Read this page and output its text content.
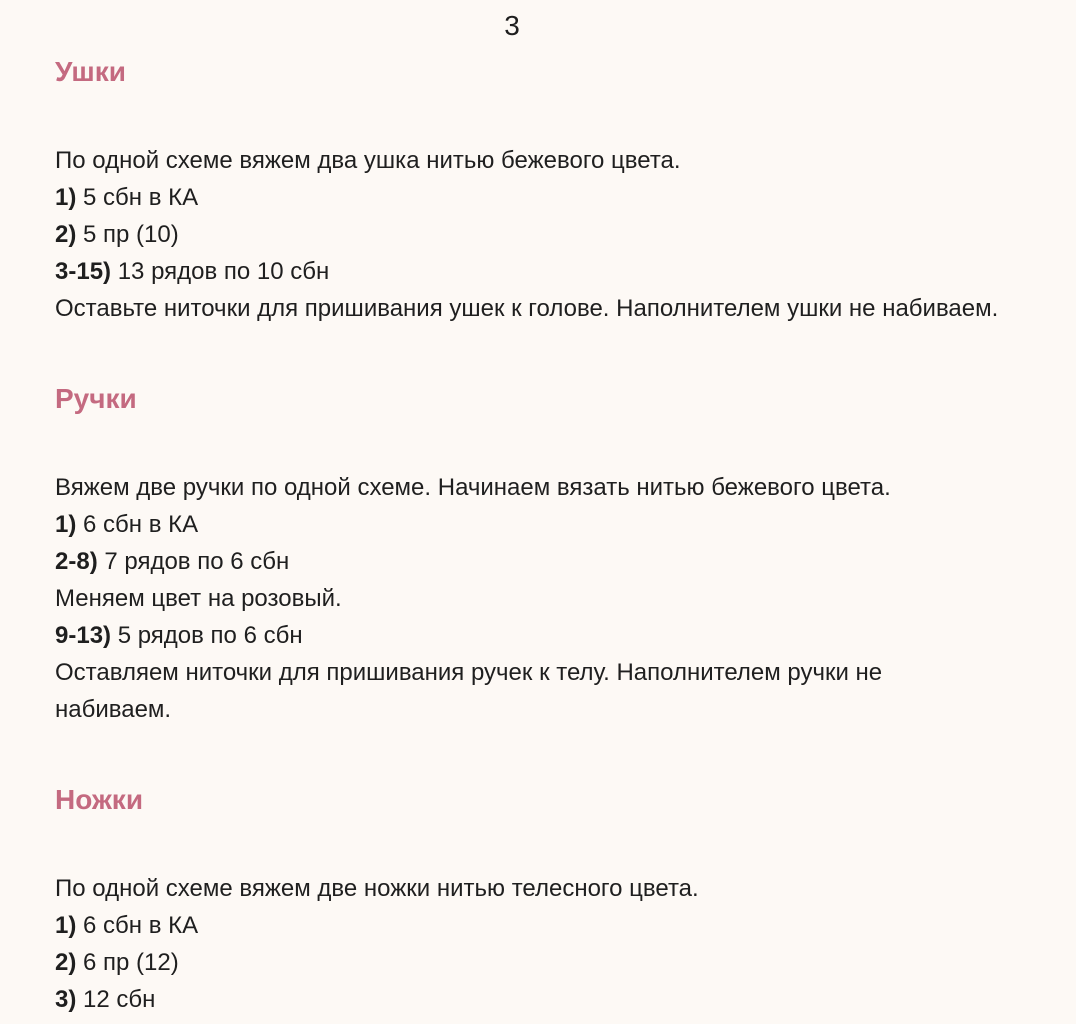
3
Ушки

По одной схеме вяжем два ушка нитью бежевого цвета.

1) 5 сбн в КА

2) 5 пр (10)

3-15) 13 рядов по 10 сбн

Оставьте ниточки для пришивания ушек к голове. Наполнителем ушки не набиваем.

Ручки

Вяжем две ручки по одной схеме. Начинаем вязать нитью бежевого цвета.

1) 6 сбн в КА

2-8) 7 рядов по 6 сбн

Меняем цвет на розовый.

9-13) 5 рядов по 6 сбн

Оставляем ниточки для пришивания ручек к телу. Наполнителем ручки не набиваем.

Ножки

По одной схеме вяжем две ножки нитью телесного цвета.

1) 6 сбн в КА

2) 6 пр (12)

3) 12 сбн
